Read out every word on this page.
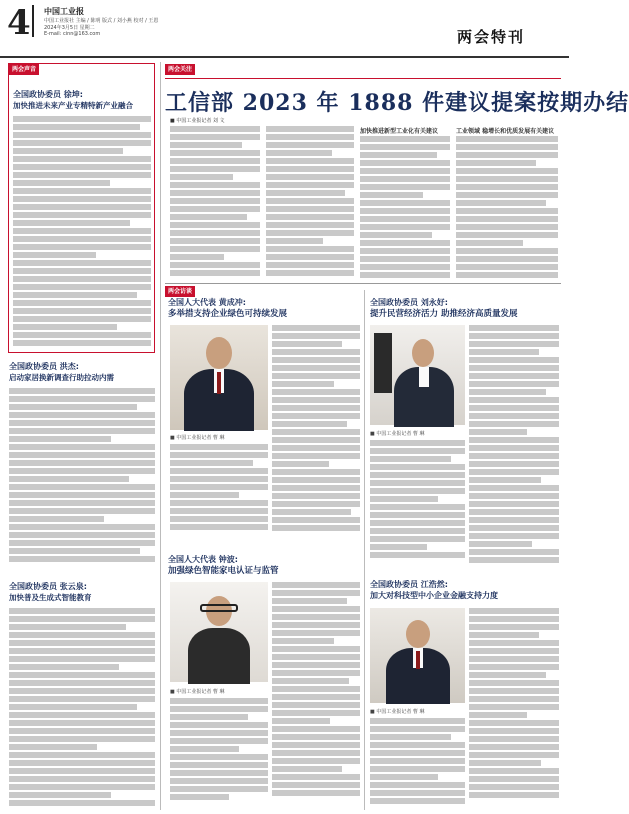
4 中国工业报
中国工业报社 主编 / 陈明 版式 / 刘小燕 校对 / 王恩
2024年3月5日 星期二
E-mail: cinn@163.com	两会特刊
两会声音
全国政协委员 徐坤:
加快推进未来产业专精特新产业融合
全国政协委员 洪杰:
启动家居换新调查行助拉动内需
全国政协委员 张云泉:
加快普及生成式智能教育
两会关注
工信部 2023 年 1888 件建议提案按期办结
■ 中国工业报记者 刘 文
加快推进新型工业化有关建议	工业领域 稳增长和优质发展有关建议
两会访谈
全国人大代表 黄成冲:
多举措支持企业绿色可持续发展
■ 中国工业报记者 曹 琳
全国政协委员 刘永好:
提升民营经济活力 助推经济高质量发展
■ 中国工业报记者 曹 琳
全国人大代表 钟波:
加强绿色智能家电认证与监管
■ 中国工业报记者 曹 琳
全国政协委员 江浩然:
加大对科技型中小企业金融支持力度
■ 中国工业报记者 曹 琳
